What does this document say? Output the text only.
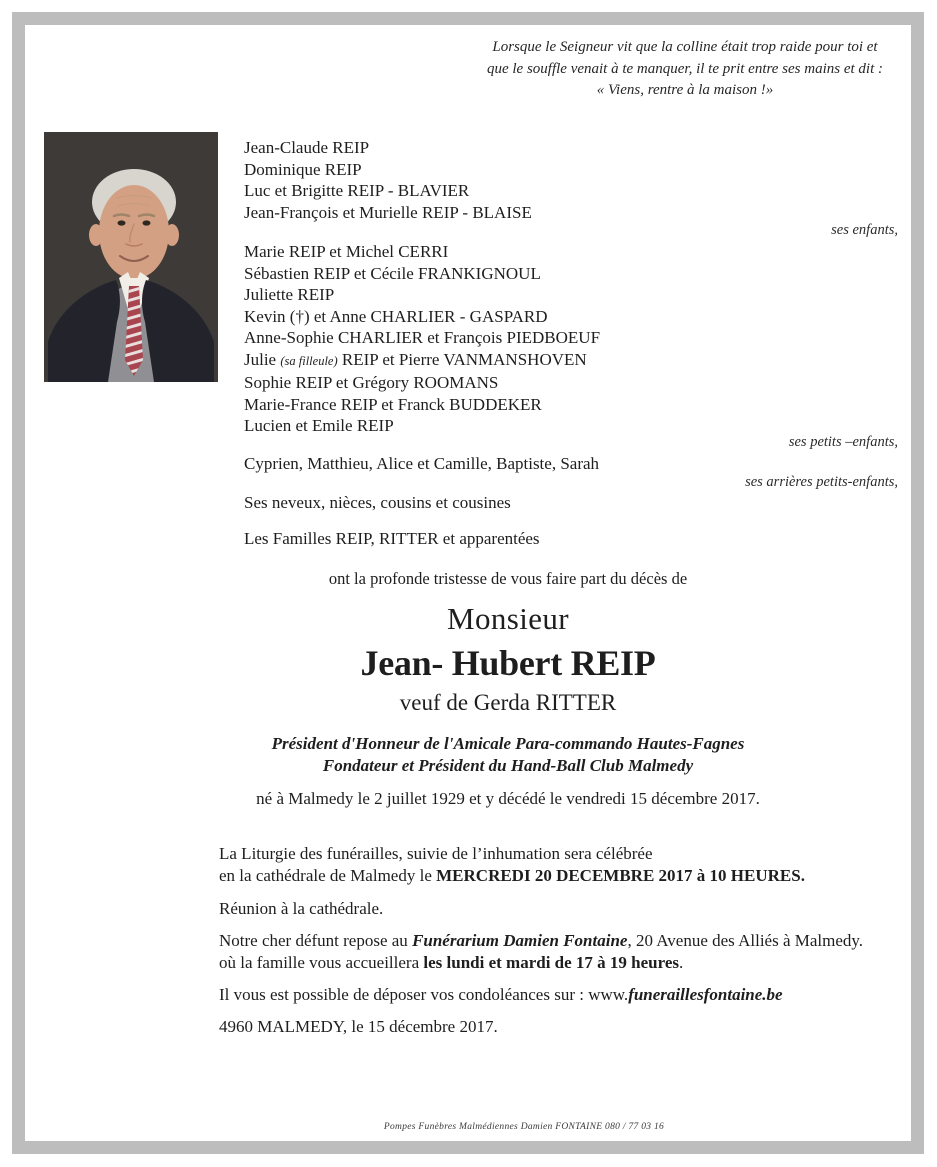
Lorsque le Seigneur vit que la colline était trop raide pour toi et
que le souffle venait à te manquer, il te prit entre ses mains et dit :
« Viens, rentre à la maison !»
Jean-Claude REIP
Dominique REIP
Luc et Brigitte REIP - BLAVIER
Jean-François et Murielle REIP - BLAISE
ses enfants,
Marie REIP et Michel CERRI
Sébastien REIP et Cécile FRANKIGNOUL
Juliette REIP
Kevin (†) et Anne CHARLIER - GASPARD
Anne-Sophie CHARLIER et François PIEDBOEUF
Julie (sa filleule) REIP et Pierre VANMANSHOVEN
Sophie REIP et Grégory ROOMANS
Marie-France REIP et Franck BUDDEKER
Lucien et Emile REIP
ses petits –enfants,
Cyprien, Matthieu, Alice et Camille, Baptiste, Sarah
ses arrières petits-enfants,
Ses neveux, nièces, cousins et cousines
Les Familles REIP, RITTER et apparentées
ont la profonde tristesse de vous faire part du décès de
Monsieur
Jean- Hubert REIP
veuf de Gerda RITTER
Président d'Honneur de l'Amicale Para-commando Hautes-Fagnes
Fondateur et Président du Hand-Ball Club Malmedy
né à Malmedy le 2 juillet 1929 et y décédé le vendredi 15 décembre 2017.
La Liturgie des funérailles, suivie de l’inhumation sera célébrée
en la cathédrale de Malmedy le MERCREDI 20 DECEMBRE 2017 à 10 HEURES.
Réunion à la cathédrale.
Notre cher défunt repose au Funérarium Damien Fontaine, 20 Avenue des Alliés à Malmedy.
où la famille vous accueillera les lundi et mardi de 17 à 19 heures.
Il vous est possible de déposer vos condoléances sur : www.funeraillesfontaine.be
4960 MALMEDY, le 15 décembre 2017.
Pompes Funèbres Malmédiennes Damien FONTAINE 080 / 77 03 16
